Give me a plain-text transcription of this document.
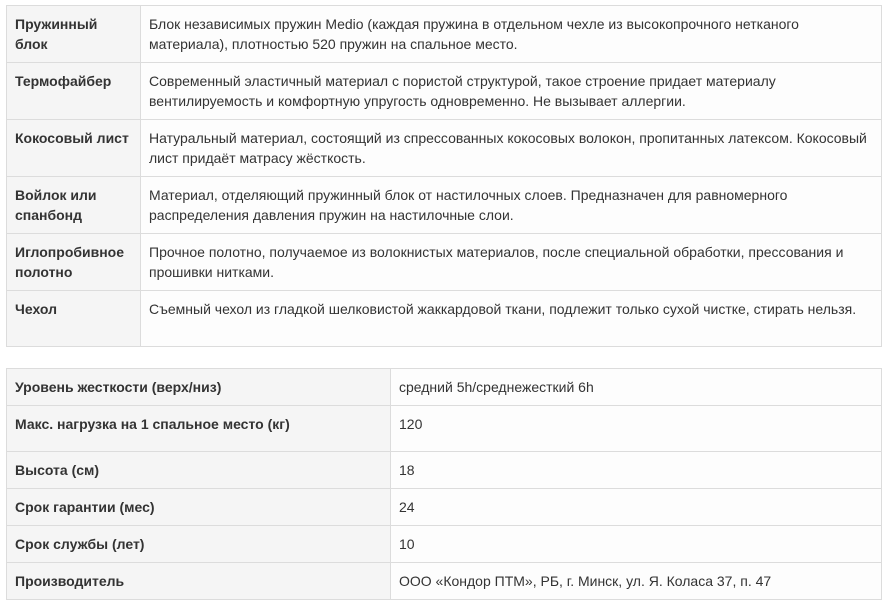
Пружинный блок	Блок независимых пружин Medio (каждая пружина в отдельном чехле из высокопрочного нетканого материала), плотностью 520 пружин на спальное место.
Термофайбер	Современный эластичный материал с пористой структурой, такое строение придает материалу вентилируемость и комфортную упругость одновременно. Не вызывает аллергии.
Кокосовый лист	Натуральный материал, состоящий из спрессованных кокосовых волокон, пропитанных латексом. Кокосовый лист придаёт матрасу жёсткость.
Войлок или спанбонд	Материал, отделяющий пружинный блок от настилочных слоев. Предназначен для равномерного распределения давления пружин на настилочные слои.
Иглопробивное полотно	Прочное полотно, получаемое из волокнистых материалов, после специальной обработки, прессования и прошивки нитками.
Чехол	Съемный чехол из гладкой шелковистой жаккардовой ткани, подлежит только сухой чистке, стирать нельзя.
Уровень жесткости (верх/низ)	средний 5h/среднежесткий 6h
Макс. нагрузка на 1 спальное место (кг)	120
Высота (см)	18
Срок гарантии (мес)	24
Срок службы (лет)	10
Производитель	ООО «Кондор ПТМ», РБ, г. Минск, ул. Я. Коласа 37, п. 47
